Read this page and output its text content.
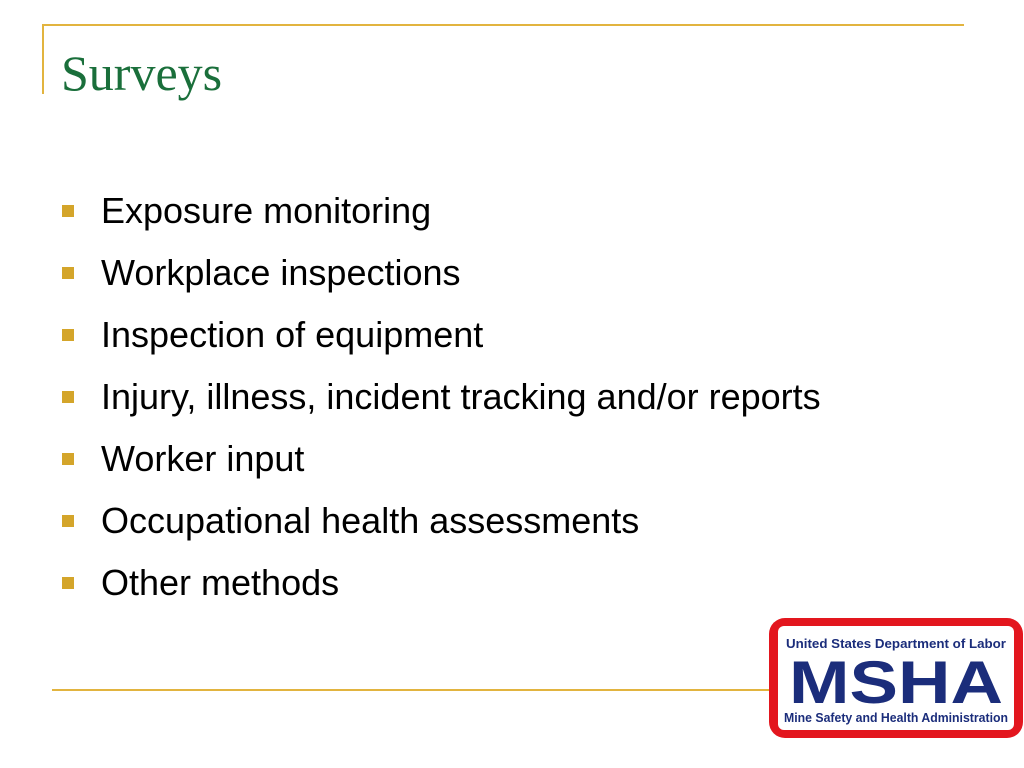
Surveys
Exposure monitoring
Workplace inspections
Inspection of equipment
Injury, illness, incident tracking and/or reports
Worker input
Occupational health assessments
Other methods
United States Department of Labor
MSHA
Mine Safety and Health Administration
